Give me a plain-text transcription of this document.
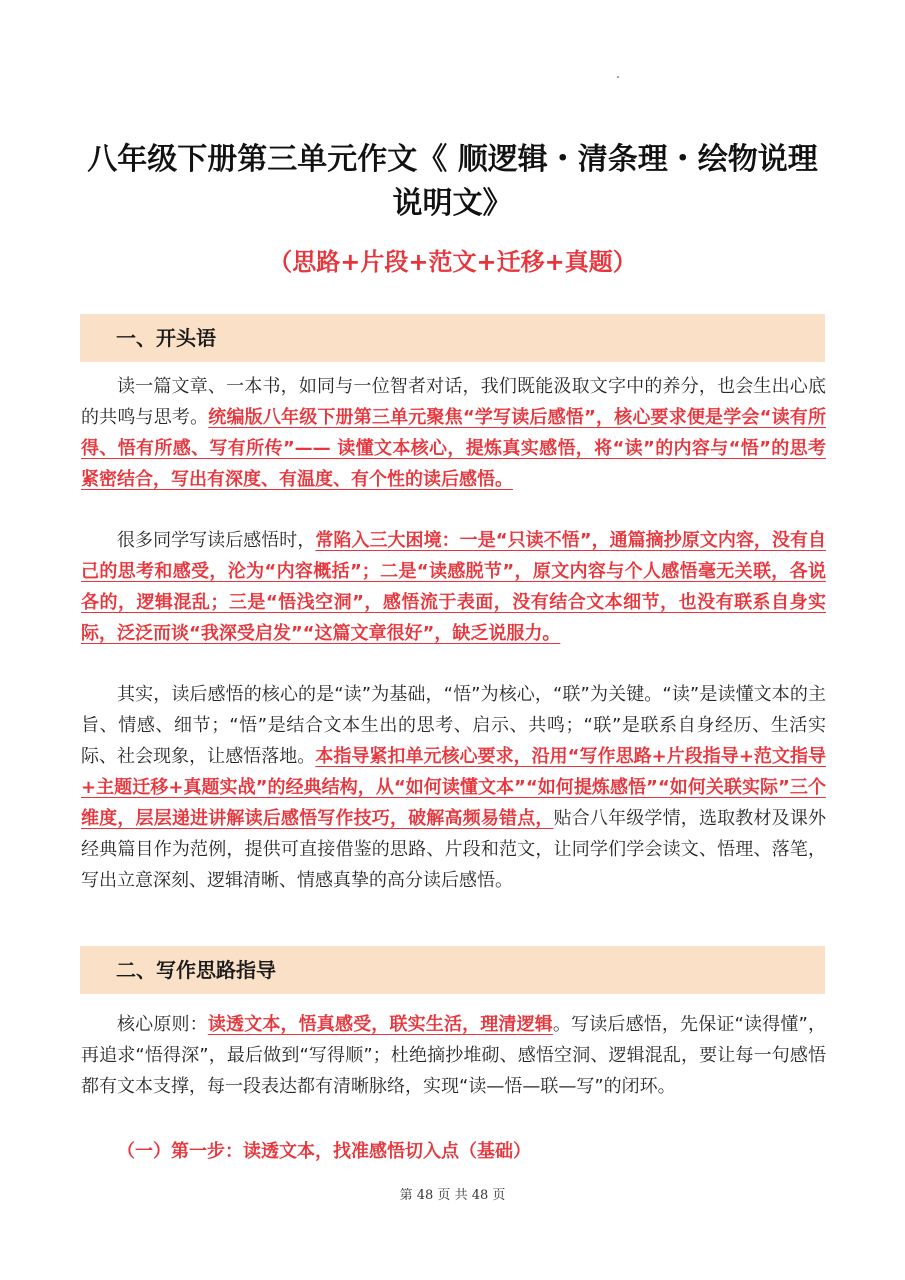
八年级下册第三单元作文《 顺逻辑・清条理・绘物说理说明文》
（思路+片段+范文+迁移+真题）
一、开头语

读一篇文章、一本书，如同与一位智者对话，我们既能汲取文字中的养分，也会生出心底的共鸣与思考。统编版八年级下册第三单元聚焦“学写读后感悟”，核心要求便是学会“读有所得、悟有所感、写有所传”—— 读懂文本核心，提炼真实感悟，将“读”的内容与“悟”的思考紧密结合，写出有深度、有温度、有个性的读后感悟。

很多同学写读后感悟时，常陷入三大困境：一是“只读不悟”，通篇摘抄原文内容，没有自己的思考和感受，沦为“内容概括”；二是“读感脱节”，原文内容与个人感悟毫无关联，各说各的，逻辑混乱；三是“悟浅空洞”，感悟流于表面，没有结合文本细节，也没有联系自身实际，泛泛而谈“我深受启发”“这篇文章很好”，缺乏说服力。

其实，读后感悟的核心的是“读”为基础，“悟”为核心，“联”为关键。“读”是读懂文本的主旨、情感、细节；“悟”是结合文本生出的思考、启示、共鸣；“联”是联系自身经历、生活实际、社会现象，让感悟落地。本指导紧扣单元核心要求，沿用“写作思路+片段指导+范文指导+主题迁移+真题实战”的经典结构，从“如何读懂文本”“如何提炼感悟”“如何关联实际”三个维度，层层递进讲解读后感悟写作技巧，破解高频易错点，贴合八年级学情，选取教材及课外经典篇目作为范例，提供可直接借鉴的思路、片段和范文，让同学们学会读文、悟理、落笔，写出立意深刻、逻辑清晰、情感真挚的高分读后感悟。

二、写作思路指导

核心原则：读透文本，悟真感受，联实生活，理清逻辑。写读后感悟，先保证“读得懂”，再追求“悟得深”，最后做到“写得顺”；杜绝摘抄堆砌、感悟空洞、逻辑混乱，要让每一句感悟都有文本支撑，每一段表达都有清晰脉络，实现“读—悟—联—写”的闭环。

（一）第一步：读透文本，找准感悟切入点（基础）
第 48 页 共 48 页
